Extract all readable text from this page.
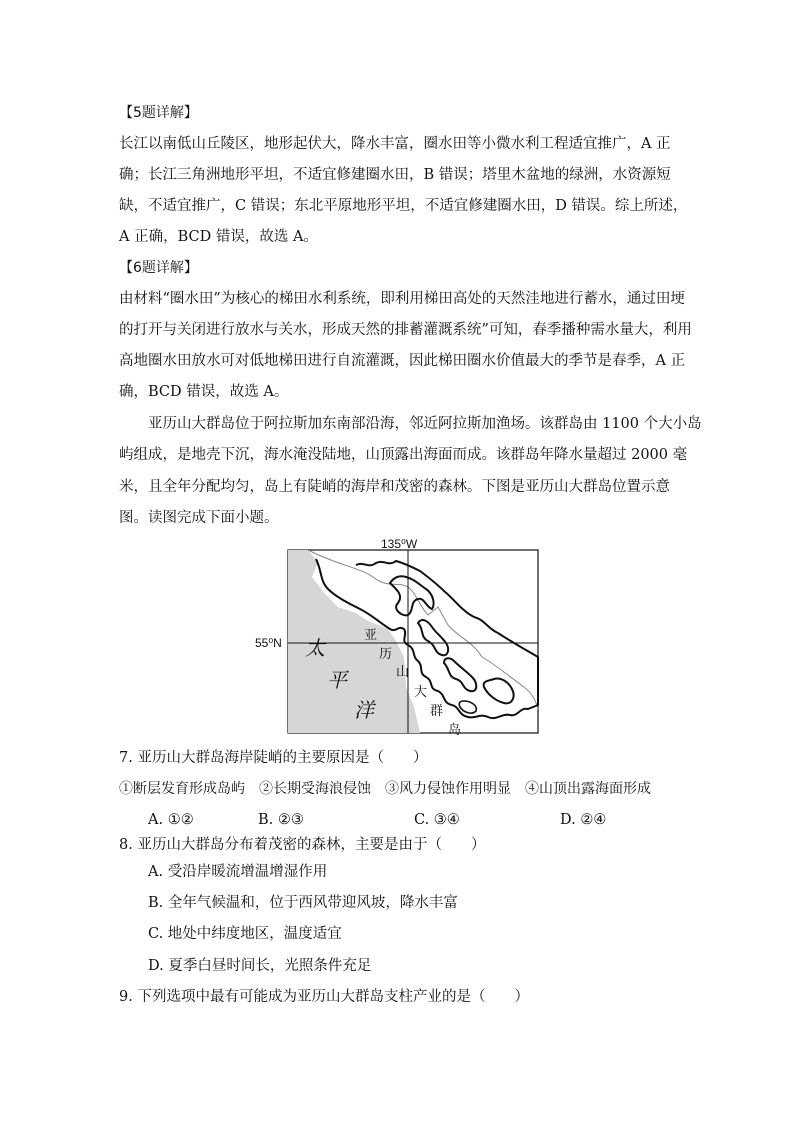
【5题详解】
长江以南低山丘陵区，地形起伏大，降水丰富，圈水田等小微水利工程适宜推广，A 正
确；长江三角洲地形平坦，不适宜修建圈水田，B 错误；塔里木盆地的绿洲，水资源短
缺，不适宜推广，C 错误；东北平原地形平坦，不适宜修建圈水田，D 错误。综上所述，
A 正确，BCD 错误，故选 A。
【6题详解】
由材料“圈水田”为核心的梯田水利系统，即利用梯田高处的天然洼地进行蓄水，通过田埂
的打开与关闭进行放水与关水，形成天然的排蓄灌溉系统”可知，春季播种需水量大，利用
高地圈水田放水可对低地梯田进行自流灌溉，因此梯田圈水价值最大的季节是春季，A 正
确，BCD 错误，故选 A。
　　亚历山大群岛位于阿拉斯加东南部沿海，邻近阿拉斯加渔场。该群岛由 1100 个大小岛
屿组成，是地壳下沉，海水淹没陆地，山顶露出海面而成。该群岛年降水量超过 2000 毫
米，且全年分配均匀，岛上有陡峭的海岸和茂密的森林。下图是亚历山大群岛位置示意
图。读图完成下面小题。
135⁰W
55⁰N 太
平
洋
亚
历
山
大
群
岛
7. 亚历山大群岛海岸陡峭的主要原因是（　　）
①断层发育形成岛屿　②长期受海浪侵蚀　③风力侵蚀作用明显　④山顶出露海面形成
A. ①②	B. ②③	C. ③④	D. ②④
8. 亚历山大群岛分布着茂密的森林，主要是由于（　　）
A. 受沿岸暖流增温增湿作用
B. 全年气候温和，位于西风带迎风坡，降水丰富
C. 地处中纬度地区，温度适宜
D. 夏季白昼时间长，光照条件充足
9. 下列选项中最有可能成为亚历山大群岛支柱产业的是（　　）
